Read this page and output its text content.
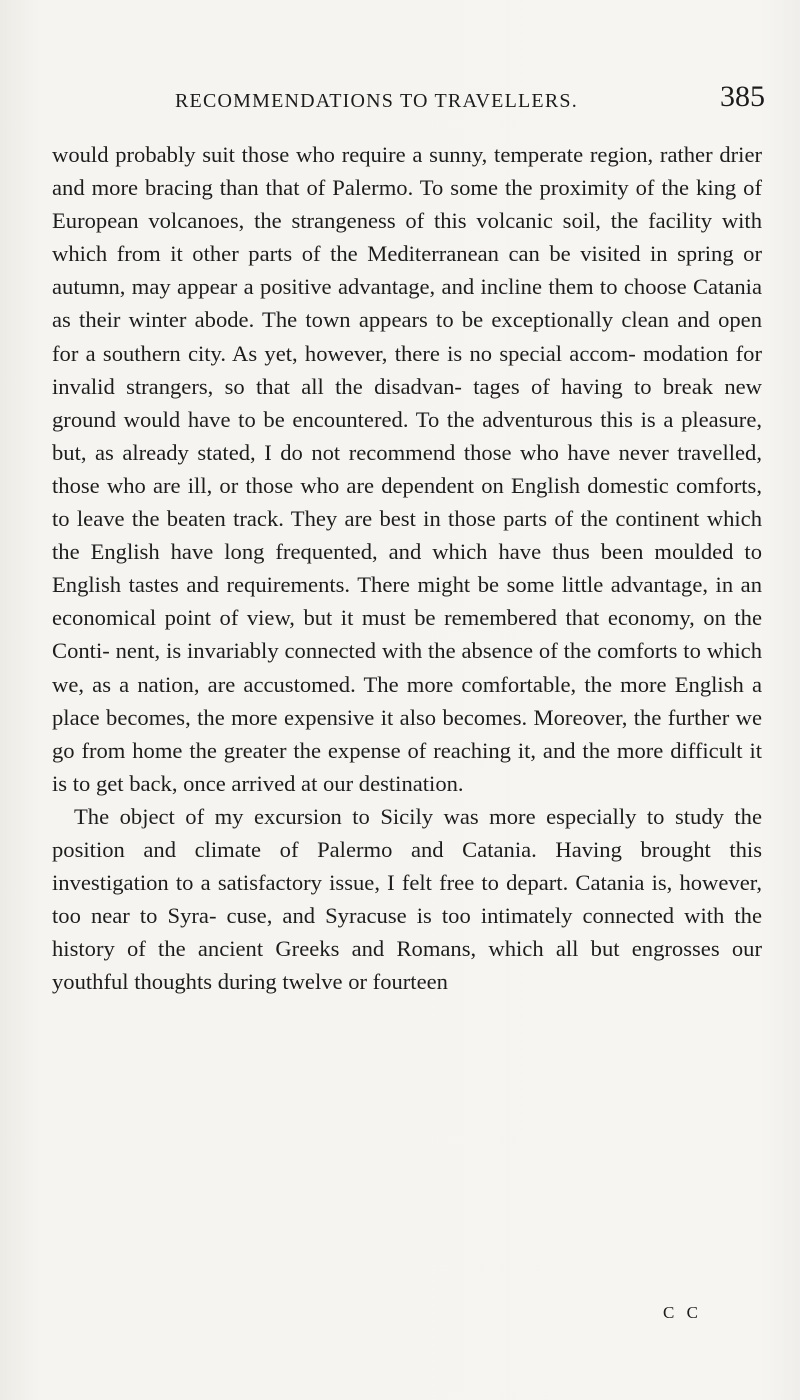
RECOMMENDATIONS TO TRAVELLERS.	385

would probably suit those who require a sunny, temperate region, rather drier and more bracing than that of Palermo. To some the proximity of the king of European volcanoes, the strangeness of this volcanic soil, the facility with which from it other parts of the Mediterranean can be visited in spring or autumn, may appear a positive advantage, and incline them to choose Catania as their winter abode. The town appears to be exceptionally clean and open for a southern city. As yet, however, there is no special accom- modation for invalid strangers, so that all the disadvan- tages of having to break new ground would have to be encountered. To the adventurous this is a pleasure, but, as already stated, I do not recommend those who have never travelled, those who are ill, or those who are dependent on English domestic comforts, to leave the beaten track. They are best in those parts of the continent which the English have long frequented, and which have thus been moulded to English tastes and requirements. There might be some little advantage, in an economical point of view, but it must be remembered that economy, on the Conti- nent, is invariably connected with the absence of the comforts to which we, as a nation, are accustomed. The more comfortable, the more English a place becomes, the more expensive it also becomes. Moreover, the further we go from home the greater the expense of reaching it, and the more difficult it is to get back, once arrived at our destination.

The object of my excursion to Sicily was more especially to study the position and climate of Palermo and Catania. Having brought this investigation to a satisfactory issue, I felt free to depart. Catania is, however, too near to Syra- cuse, and Syracuse is too intimately connected with the history of the ancient Greeks and Romans, which all but engrosses our youthful thoughts during twelve or fourteen

C C
